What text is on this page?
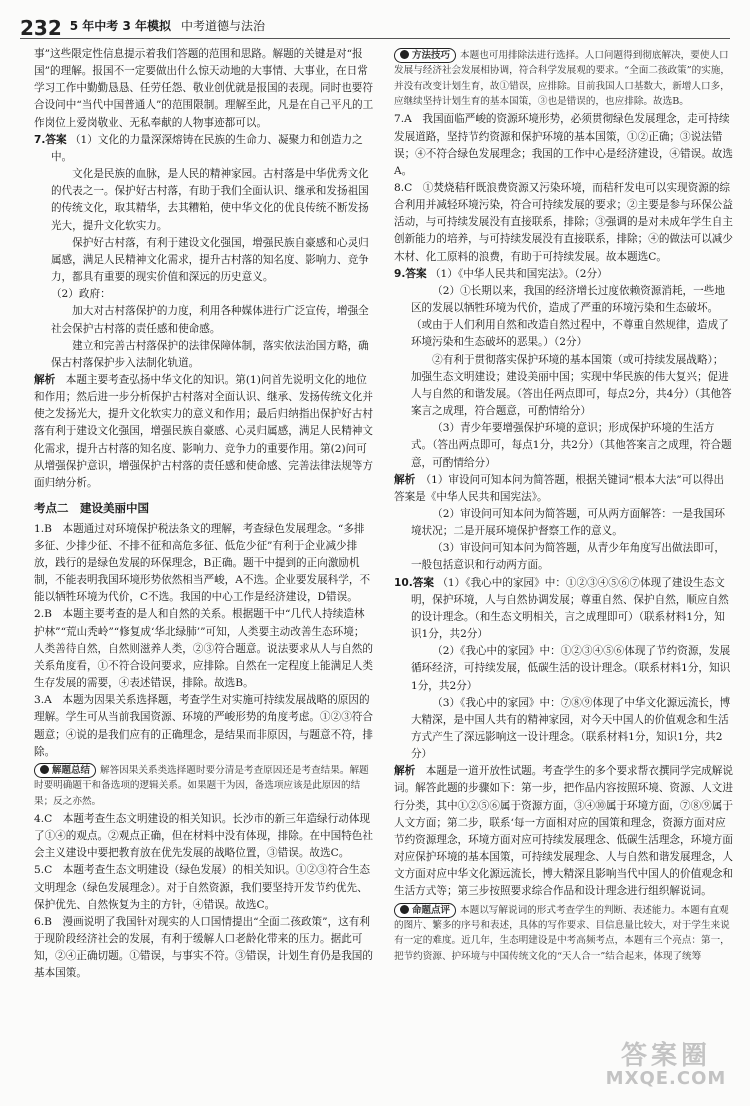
232 5 年中考 3 年模拟 中考道德与法治

事”这些限定性信息提示着我们答题的范围和思路。解题的关键是对“报国”的理解。报国不一定要做出什么惊天动地的大事情、大事业，在日常学习工作中勤勤恳恳、任劳任怨、敬业创优就是报国的表现。同时也要符合设问中“当代中国普通人”的范围限制。理解至此，凡是在自己平凡的工作岗位上爱岗敬业、无私奉献的人物事迹都可以。

7.答案 （1）文化的力量深深熔铸在民族的生命力、凝聚力和创造力之中。

文化是民族的血脉，是人民的精神家园。古村落是中华优秀文化的代表之一。保护好古村落，有助于我们全面认识、继承和发扬祖国的传统文化，取其精华，去其糟粕，使中华文化的优良传统不断发扬光大，提升文化软实力。

保护好古村落，有利于建设文化强国，增强民族自豪感和心灵归属感，满足人民精神文化需求，提升古村落的知名度、影响力、竞争力，都具有重要的现实价值和深远的历史意义。

（2）政府：

加大对古村落保护的力度，利用各种媒体进行广泛宣传，增强全社会保护古村落的责任感和使命感。

建立和完善古村落保护的法律保障体制，落实依法治国方略，确保古村落保护步入法制化轨道。

解析　 本题主要考查弘扬中华文化的知识。第(1)问首先说明文化的地位和作用；然后进一步分析保护古村落对全面认识、继承、发扬传统文化并使之发扬光大，提升文化软实力的意义和作用；最后归纳指出保护好古村落有利于建设文化强国，增强民族自豪感、心灵归属感，满足人民精神文化需求，提升古村落的知名度、影响力、竞争力的重要作用。第(2)问可从增强保护意识，增强保护古村落的责任感和使命感、完善法律法规等方面归纳分析。

考点二　建设美丽中国

1.B　本题通过对环境保护税法条文的理解，考查绿色发展理念。“多排多征、少排少征、不排不征和高危多征、低危少征”有利于企业减少排放，践行的是绿色发展的环保理念，B正确。题干中提到的正向激励机制，不能表明我国环境形势依然相当严峻，A不选。企业要发展科学，不能以牺牲环境为代价，C不选。我国的中心工作是经济建设，D错误。

2.B　本题主要考查的是人和自然的关系。根据题干中“几代人持续造林护林”“荒山秃岭”“修复成‘华北绿肺’”可知，人类要主动改善生态环境；人类善待自然，自然则滋养人类，②③符合题意。说法要求从人与自然的关系角度看，①不符合设问要求，应排除。自然在一定程度上能满足人类生存发展的需要，④表述错误，排除。故选B。

3.A　本题为因果关系选择题，考查学生对实施可持续发展战略的原因的理解。学生可从当前我国资源、环境的严峻形势的角度考虑。①②③符合题意；④说的是我们应有的正确理念，是结果而非原因，与题意不符，排除。

解题总结 解答因果关系类选择题时要分清是考查原因还是考查结果。解题时要明确题干和备选项的逻辑关系。如果题干为因，备选项应该是此原因的结果；反之亦然。

4.C　本题考查生态文明建设的相关知识。长沙市的新三年造绿行动体现了①④的观点。②观点正确，但在材料中没有体现，排除。在中国特色社会主义建设中要把教育放在优先发展的战略位置，③错误。故选C。

5.C　本题考查生态文明建设（绿色发展）的相关知识。①②③符合生态文明理念（绿色发展理念）。对于自然资源，我们要坚持开发节约优先、保护优先、自然恢复为主的方针，④错误。故选C。

6.B　漫画说明了我国针对现实的人口国情提出“全面二孩政策”，这有利于现阶段经济社会的发展，有利于缓解人口老龄化带来的压力。据此可知，②④正确切题。①错误，与事实不符。③错误，计划生育仍是我国的基本国策。

方法技巧 本题也可用排除法进行选择。人口问题得到彻底解决，要使人口发展与经济社会发展相协调，符合科学发展观的要求。“全面二孩政策”的实施，并没有改变计划生育，故①错误，应排除。目前我国人口基数大，新增人口多，应继续坚持计划生育的基本国策，③也是错误的，也应排除。故选B。

7.A　我国面临严峻的资源环境形势，必须贯彻绿色发展理念，走可持续发展道路，坚持节约资源和保护环境的基本国策，①②正确；③说法错误；④不符合绿色发展理念；我国的工作中心是经济建设，④错误。故选A。

8.C　①焚烧秸秆既浪费资源又污染环境，而秸秆发电可以实现资源的综合利用并减轻环境污染，符合可持续发展的要求；②主要是参与环保公益活动，与可持续发展没有直接联系，排除；③强调的是对未成年学生自主创新能力的培养，与可持续发展没有直接联系，排除；④的做法可以减少木材、化工原料的浪费，有助于可持续发展。故本题选C。

9.答案 （1）《中华人民共和国宪法》。（2分）

（2）①长期以来，我国的经济增长过度依赖资源消耗，一些地区的发展以牺牲环境为代价，造成了严重的环境污染和生态破坏。（或由于人们利用自然和改造自然过程中，不尊重自然规律，造成了环境污染和生态破坏的恶果。）（2分）

②有利于贯彻落实保护环境的基本国策（或可持续发展战略）；加强生态文明建设；建设美丽中国；实现中华民族的伟大复兴；促进人与自然的和谐发展。（答出任两点即可，每点2分，共4分）（其他答案言之成理，符合题意，可酌情给分）

（3）青少年要增强保护环境的意识；形成保护环境的生活方式。（答出两点即可，每点1分，共2分）（其他答案言之成理，符合题意，可酌情给分）

解析　 （1）审设问可知本问为简答题，根据关键词“根本大法”可以得出答案是《中华人民共和国宪法》。

（2）审设问可知本问为简答题，可从两方面解答：一是我国环境状况；二是开展环境保护督察工作的意义。

（3）审设问可知本问为简答题，从青少年角度写出做法即可，一般包括意识和行动两方面。

10.答案 （1）《我心中的家园》中：①②③④⑤⑥⑦体现了建设生态文明，保护环境，人与自然协调发展；尊重自然、保护自然，顺应自然的设计理念。（和生态文明相关，言之成理即可）（联系材料1分，知识1分，共2分）

（2）《我心中的家园》中：①②③④⑤⑥体现了节约资源，发展循环经济，可持续发展，低碳生活的设计理念。（联系材料1分，知识1分，共2分）

（3）《我心中的家园》中：⑦⑧⑨体现了中华文化源远流长，博大精深，是中国人共有的精神家园，对今天中国人的价值观念和生活方式产生了深远影响这一设计理念。（联系材料1分，知识1分，共2分）

解析　 本题是一道开放性试题。考查学生的多个要求帮衣撰同学完成解说词。解答此题的步骤如下：第一步，把作品内容按照环境、资源、人文进行分类，其中①②⑤⑥属于资源方面，③④⑩属于环境方面，⑦⑧⑨属于人文方面；第二步，联系‘每一方面相对应的国策和理念，资源方面对应节约资源理念，环境方面对应可持续发展理念、低碳生活理念，环境方面对应保护环境的基本国策，可持续发展理念、人与自然和谐发展理念，人文方面对应中华文化源远流长，博大精深且影响当代中国人的价值观念和生活方式等；第三步按照要求综合作品和设计理念进行组织解说词。

命题点评 本题以写解说词的形式考查学生的判断、表述能力。本题有直观的图片、繁多的序号和表述，具体的写作要求、目信息量比较大，对于学生来说有一定的难度。近几年，生态明建设是中考高频考点，本题有三个亮点：第一，把节约资源、护环境与中国传统文化的“天人合一”结合起来，体现了统筹

答案圈
MXQE.COM
